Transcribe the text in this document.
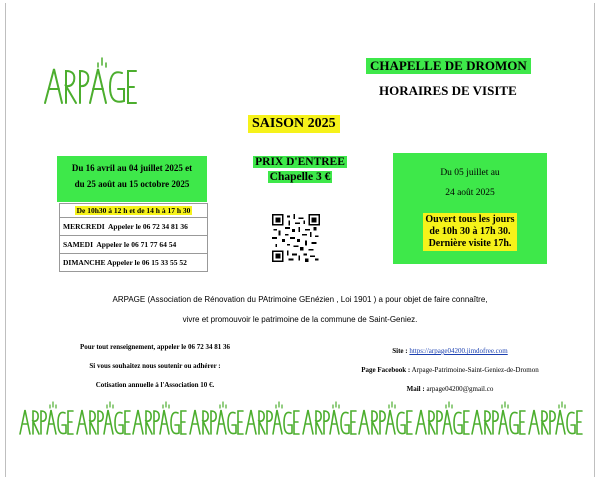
CHAPELLE DE DROMON
HORAIRES DE VISITE
SAISON 2025
Du 16 avril au 04 juillet 2025 et
du 25 août au 15 octobre 2025
De 10h30 à 12 h et de 14 h à 17 h 30
MERCREDI Appeler le 06 72 34 81 36
SAMEDI Appeler le 06 71 77 64 54
DIMANCHE Appeler le 06 15 33 55 52
PRIX D'ENTREE
Chapelle 3 €	Du 05 juillet au
24 août 2025
Ouvert tous les jours
de 10h 30 à 17h 30.
Dernière visite 17h.
ARPAGE (Association de Rénovation du PAtrimoine GEnézien , Loi 1901 ) a pour objet de faire connaître,
vivre et promouvoir le patrimoine de la commune de Saint-Geniez.
Pour tout renseignement, appeler le 06 72 34 81 36
Si vous souhaitez nous soutenir ou adhérer :
Cotisation annuelle à l'Association 10 €.
Site : https://arpage04200.jimdofree.com
Page Facebook : Arpage-Patrimoine-Saint-Geniez-de-Dromon
Mail : arpage04200@gmail.co
